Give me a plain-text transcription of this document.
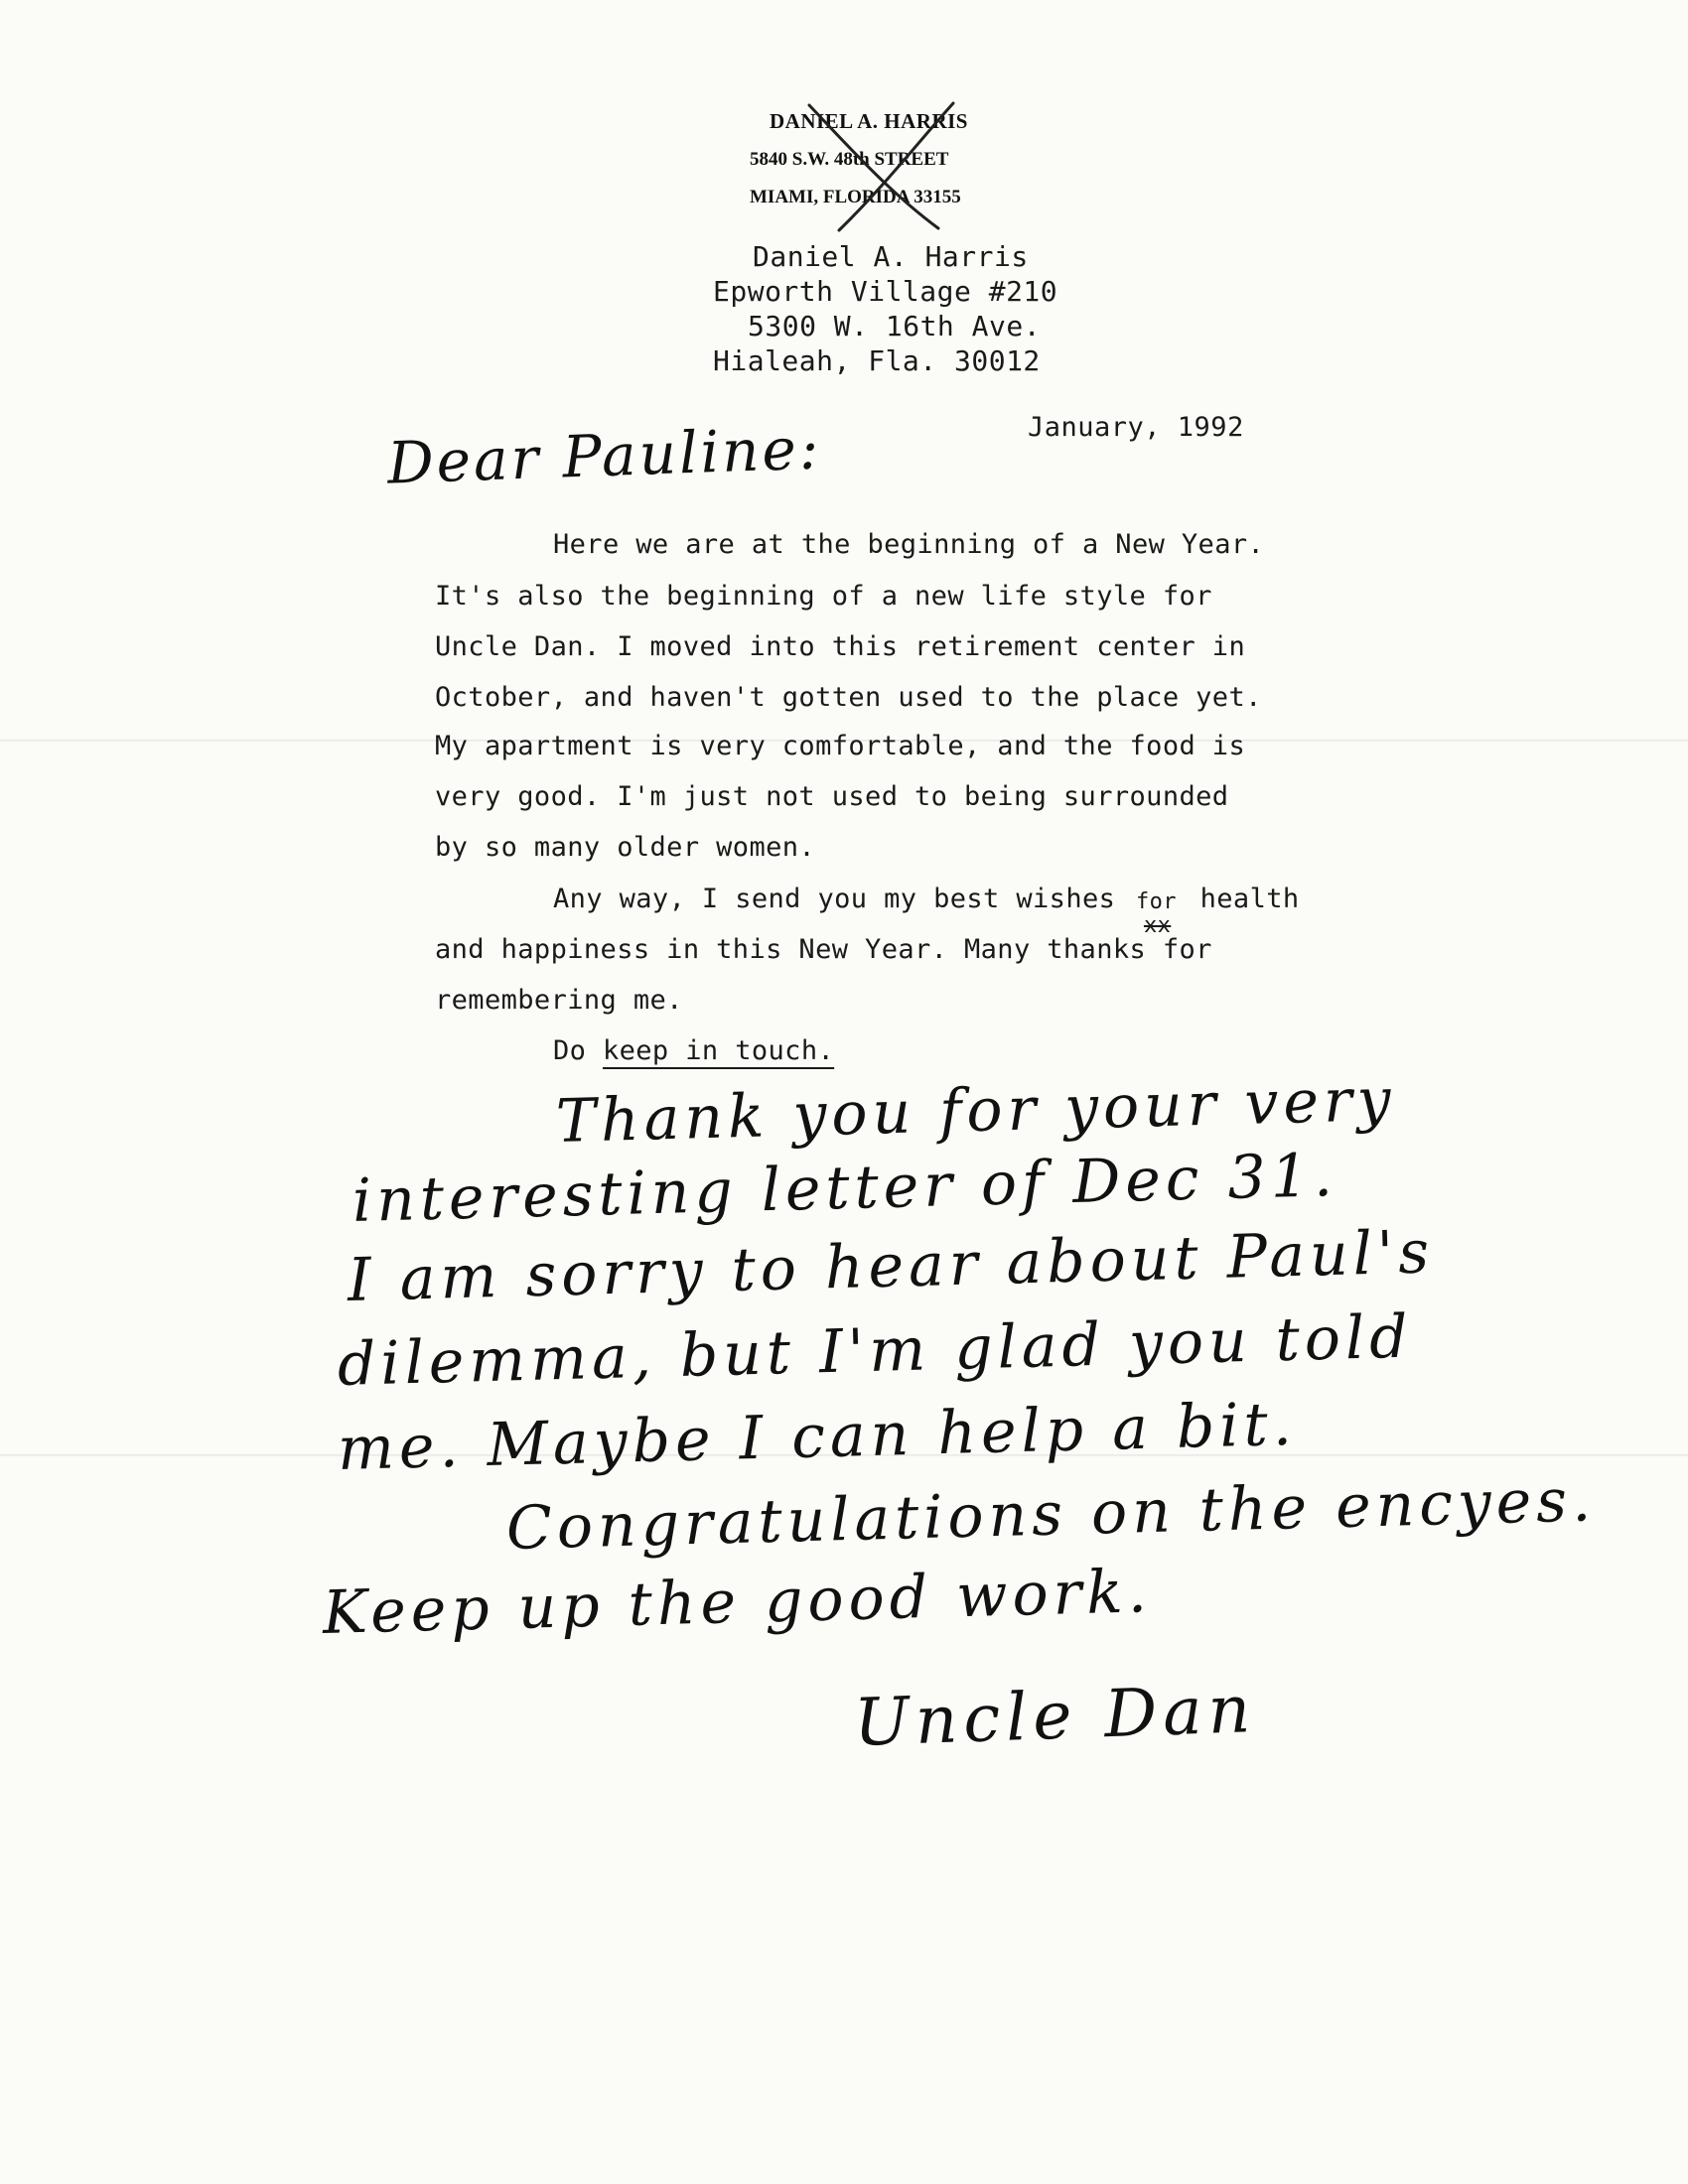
DANIEL A. HARRIS
5840 S.W. 48th STREET
MIAMI, FLORIDA 33155
Daniel A. Harris
Epworth Village #210
5300 W. 16th Ave.
Hialeah, Fla. 30012
January, 1992
Dear Pauline:
Here we are at the beginning of a New Year.
It's also the beginning of a new life style for
Uncle Dan. I moved into this retirement center in
October, and haven't gotten used to the place yet.
My apartment is very comfortable, and the food is
very good. I'm just not used to being surrounded
by so many older women.
Any way, I send you my best wishes for
xx
health
and happiness in this New Year. Many thanks for
remembering me.
Do keep in touch.
Thank you for your very
interesting letter of Dec 31.
I am sorry to hear about Paul's
dilemma, but I'm glad you told
me. Maybe I can help a bit.
Congratulations on the encyes.
Keep up the good work.
Uncle Dan
